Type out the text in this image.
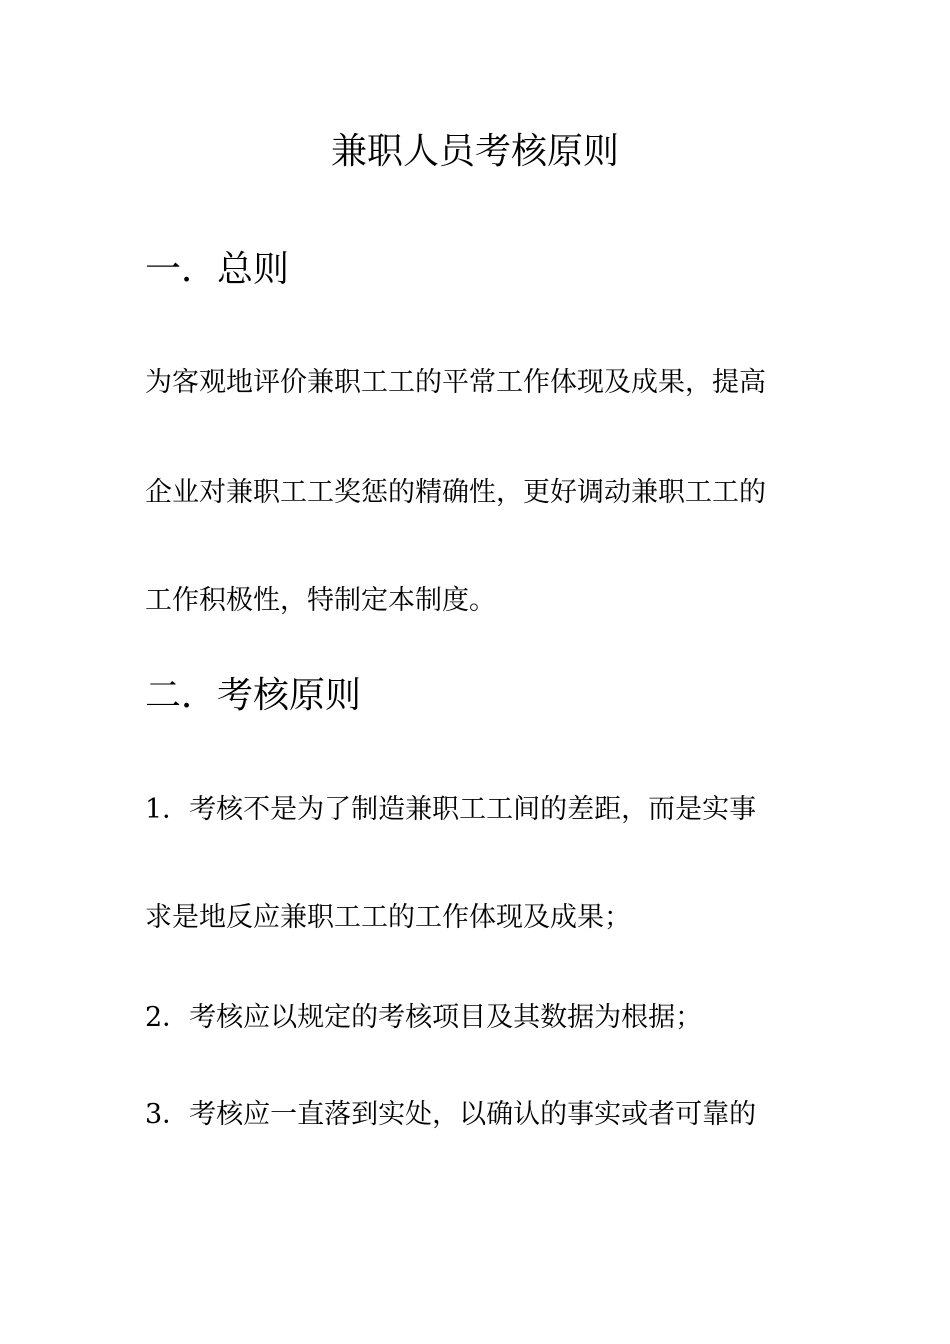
兼职人员考核原则
一．总则
为客观地评价兼职工工的平常工作体现及成果，提高
企业对兼职工工奖惩的精确性，更好调动兼职工工的
工作积极性，特制定本制度。
二．考核原则
1．考核不是为了制造兼职工工间的差距，而是实事
求是地反应兼职工工的工作体现及成果；
2．考核应以规定的考核项目及其数据为根据；
3．考核应一直落到实处，以确认的事实或者可靠的
